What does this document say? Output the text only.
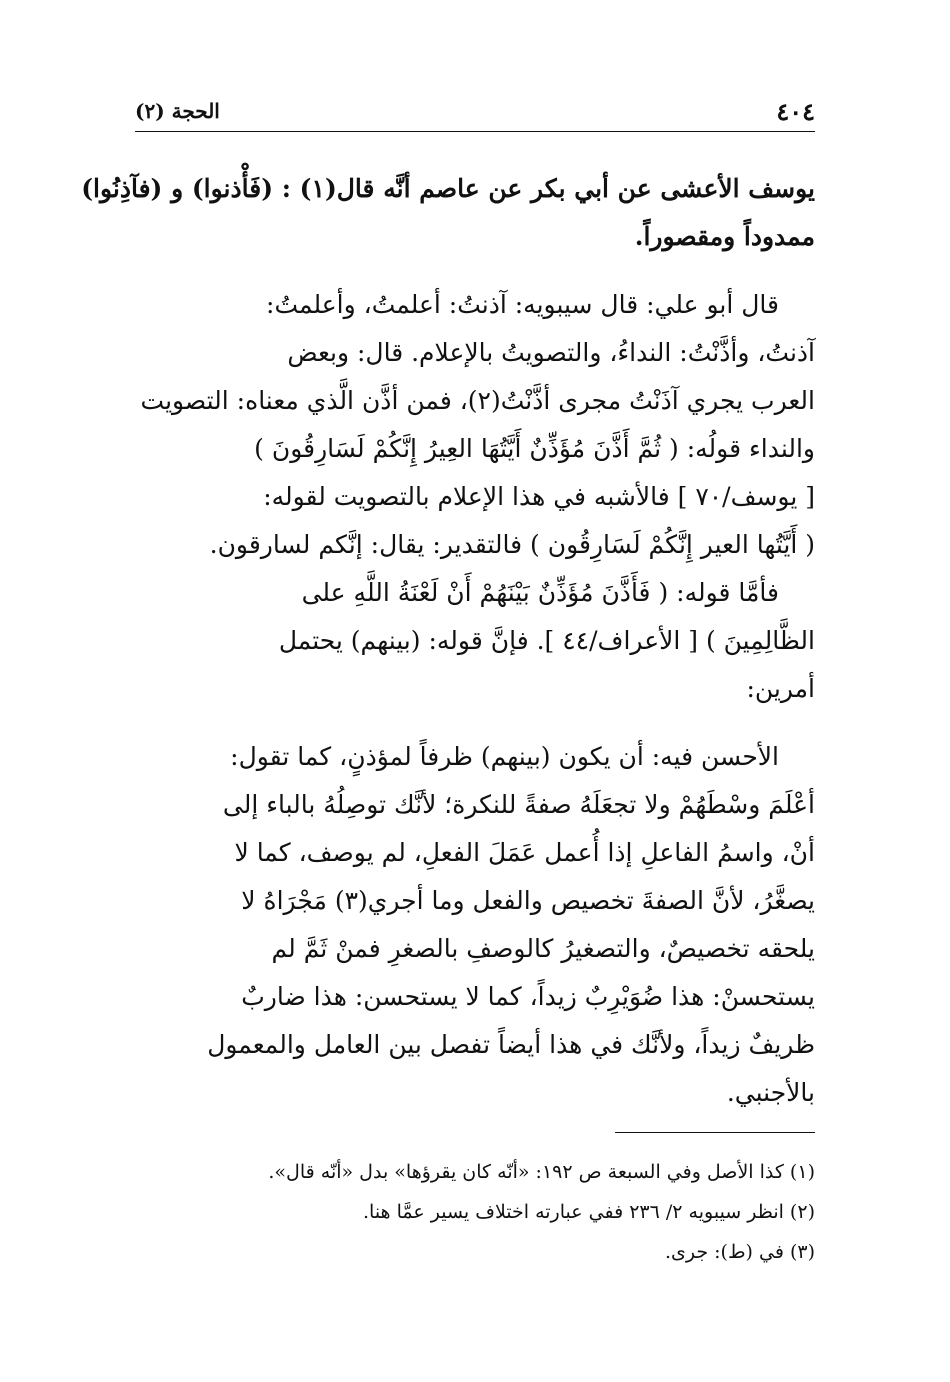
٤٠٤
الحجة (٢)
يوسف الأعشى عن أبي بكر عن عاصم أنَّه قال(١) : (فَأْذنوا) و (فآذِنُوا)
ممدوداً ومقصوراً.
قال أبو علي: قال سيبويه: آذنتُ: أعلمتُ، وأعلمتُ:
آذنتُ، وأذَّنْتُ: النداءُ، والتصويتُ بالإعلام. قال: وبعض
العرب يجري آذَنْتُ مجرى أذَّنْتُ(٢)، فمن أذَّن الَّذي معناه: التصويت
والنداء قولُه: ( ثُمَّ أَذَّنَ مُؤَذِّنٌ أَيَّتُهَا العِيرُ إِنَّكُمْ لَسَارِقُونَ )
[ يوسف/٧٠ ] فالأشبه في هذا الإعلام بالتصويت لقوله:
( أَيَّتُها العير إِنَّكُمْ لَسَارِقُون ) فالتقدير: يقال: إنَّكم لسارقون.
فأمَّا قوله: ( فَأَذَّنَ مُؤَذِّنٌ بَيْنَهُمْ أَنْ لَعْنَةُ اللَّهِ على
الظَّالِمِينَ ) [ الأعراف/٤٤ ]. فإنَّ قوله: (بينهم) يحتمل
أمرين:
الأحسن فيه: أن يكون (بينهم) ظرفاً لمؤذنٍ، كما تقول:
أعْلَمَ وسْطَهُمْ ولا تجعَلَهُ صفةً للنكرة؛ لأنَّك توصِلُهُ بالباء إلى
أنْ، واسمُ الفاعلِ إذا أُعمل عَمَلَ الفعلِ، لم يوصف، كما لا
يصغَّرُ، لأنَّ الصفةَ تخصيص والفعل وما أجري(٣) مَجْرَاهُ لا
يلحقه تخصيصٌ، والتصغيرُ كالوصفِ بالصغرِ فمنْ ثَمَّ لم
يستحسنْ: هذا ضُوَيْرِبٌ زيداً، كما لا يستحسن: هذا ضاربٌ
ظريفٌ زيداً، ولأنَّك في هذا أيضاً تفصل بين العامل والمعمول
بالأجنبي.
(١) كذا الأصل وفي السبعة ص ١٩٢: «أنّه كان يقرؤها» بدل «أنّه قال».
(٢) انظر سيبويه ٢/ ٢٣٦ ففي عبارته اختلاف يسير عمَّا هنا.
(٣) في (ط): جرى.
